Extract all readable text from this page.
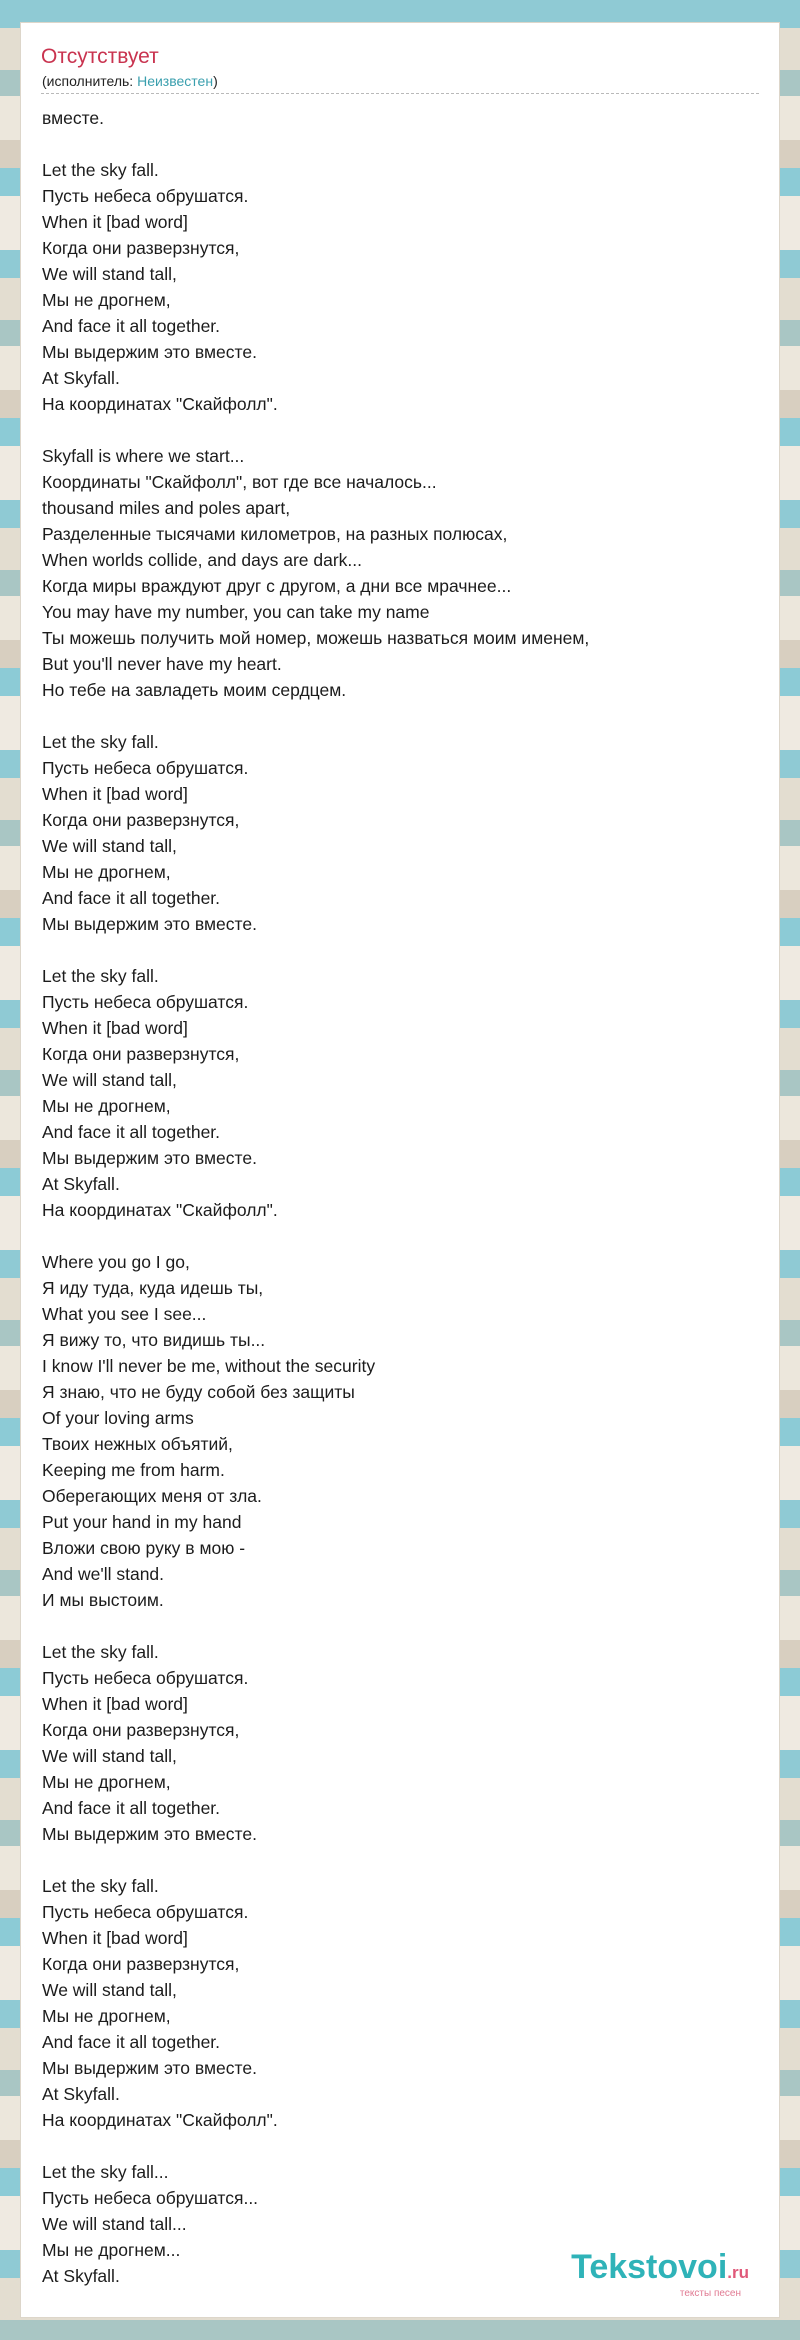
Отсутствует
(исполнитель: Неизвестен)
вместе.
Let the sky fall.
Пусть небеса обрушатся.
When it [bad word]
Когда они разверзнутся,
We will stand tall,
Мы не дрогнем,
And face it all together.
Мы выдержим это вместе.
At Skyfall.
На координатах "Скайфолл".
Skyfall is where we start...
Координаты "Скайфолл", вот где все началось...
thousand miles and poles apart,
Разделенные тысячами километров, на разных полюсах,
When worlds collide, and days are dark...
Когда миры враждуют друг с другом, а дни все мрачнее...
You may have my number, you can take my name
Ты можешь получить мой номер, можешь назваться моим именем,
But you'll never have my heart.
Но тебе на завладеть моим сердцем.
Let the sky fall.
Пусть небеса обрушатся.
When it [bad word]
Когда они разверзнутся,
We will stand tall,
Мы не дрогнем,
And face it all together.
Мы выдержим это вместе.
Let the sky fall.
Пусть небеса обрушатся.
When it [bad word]
Когда они разверзнутся,
We will stand tall,
Мы не дрогнем,
And face it all together.
Мы выдержим это вместе.
At Skyfall.
На координатах "Скайфолл".
Where you go I go,
Я иду туда, куда идешь ты,
What you see I see...
Я вижу то, что видишь ты...
I know I'll never be me, without the security
Я знаю, что не буду собой без защиты
Of your loving arms
Твоих нежных объятий,
Keeping me from harm.
Оберегающих меня от зла.
Put your hand in my hand
Вложи свою руку в мою -
And we'll stand.
И мы выстоим.
Let the sky fall.
Пусть небеса обрушатся.
When it [bad word]
Когда они разверзнутся,
We will stand tall,
Мы не дрогнем,
And face it all together.
Мы выдержим это вместе.
Let the sky fall.
Пусть небеса обрушатся.
When it [bad word]
Когда они разверзнутся,
We will stand tall,
Мы не дрогнем,
And face it all together.
Мы выдержим это вместе.
At Skyfall.
На координатах "Скайфолл".
Let the sky fall...
Пусть небеса обрушатся...
We will stand tall...
Мы не дрогнем...
At Skyfall.	Tekstovoi.ru
тексты песен
